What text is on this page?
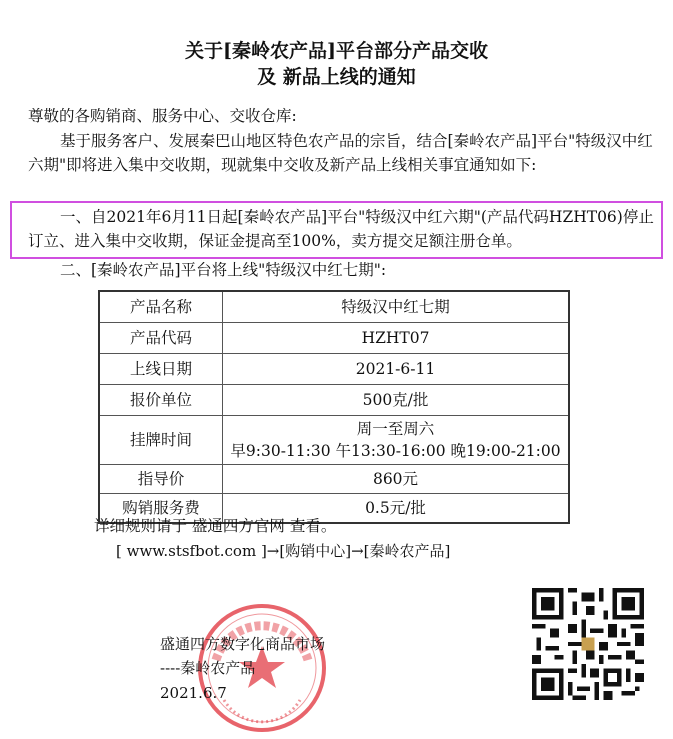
关于[秦岭农产品]平台部分产品交收
及 新品上线的通知
尊敬的各购销商、服务中心、交收仓库:
基于服务客户、发展秦巴山地区特色农产品的宗旨，结合[秦岭农产品]平台"特级汉中红六期"即将进入集中交收期，现就集中交收及新产品上线相关事宜通知如下:
一、自2021年6月11日起[秦岭农产品]平台"特级汉中红六期"(产品代码HZHT06)停止订立、进入集中交收期，保证金提高至100%，卖方提交足额注册仓单。
二、[秦岭农产品]平台将上线"特级汉中红七期":
产品名称	特级汉中红七期
产品代码	HZHT07
上线日期	2021-6-11
报价单位	500克/批
挂牌时间	周一至周六
早9:30-11:30 午13:30-16:00 晚19:00-21:00

指导价	860元
购销服务费	0.5元/批
详细规则请于 盛通四方官网 查看。
[ www.stsfbot.com ]→[购销中心]→[秦岭农产品]
盛通四方数字化商品市场
----秦岭农产品
2021.6.7
